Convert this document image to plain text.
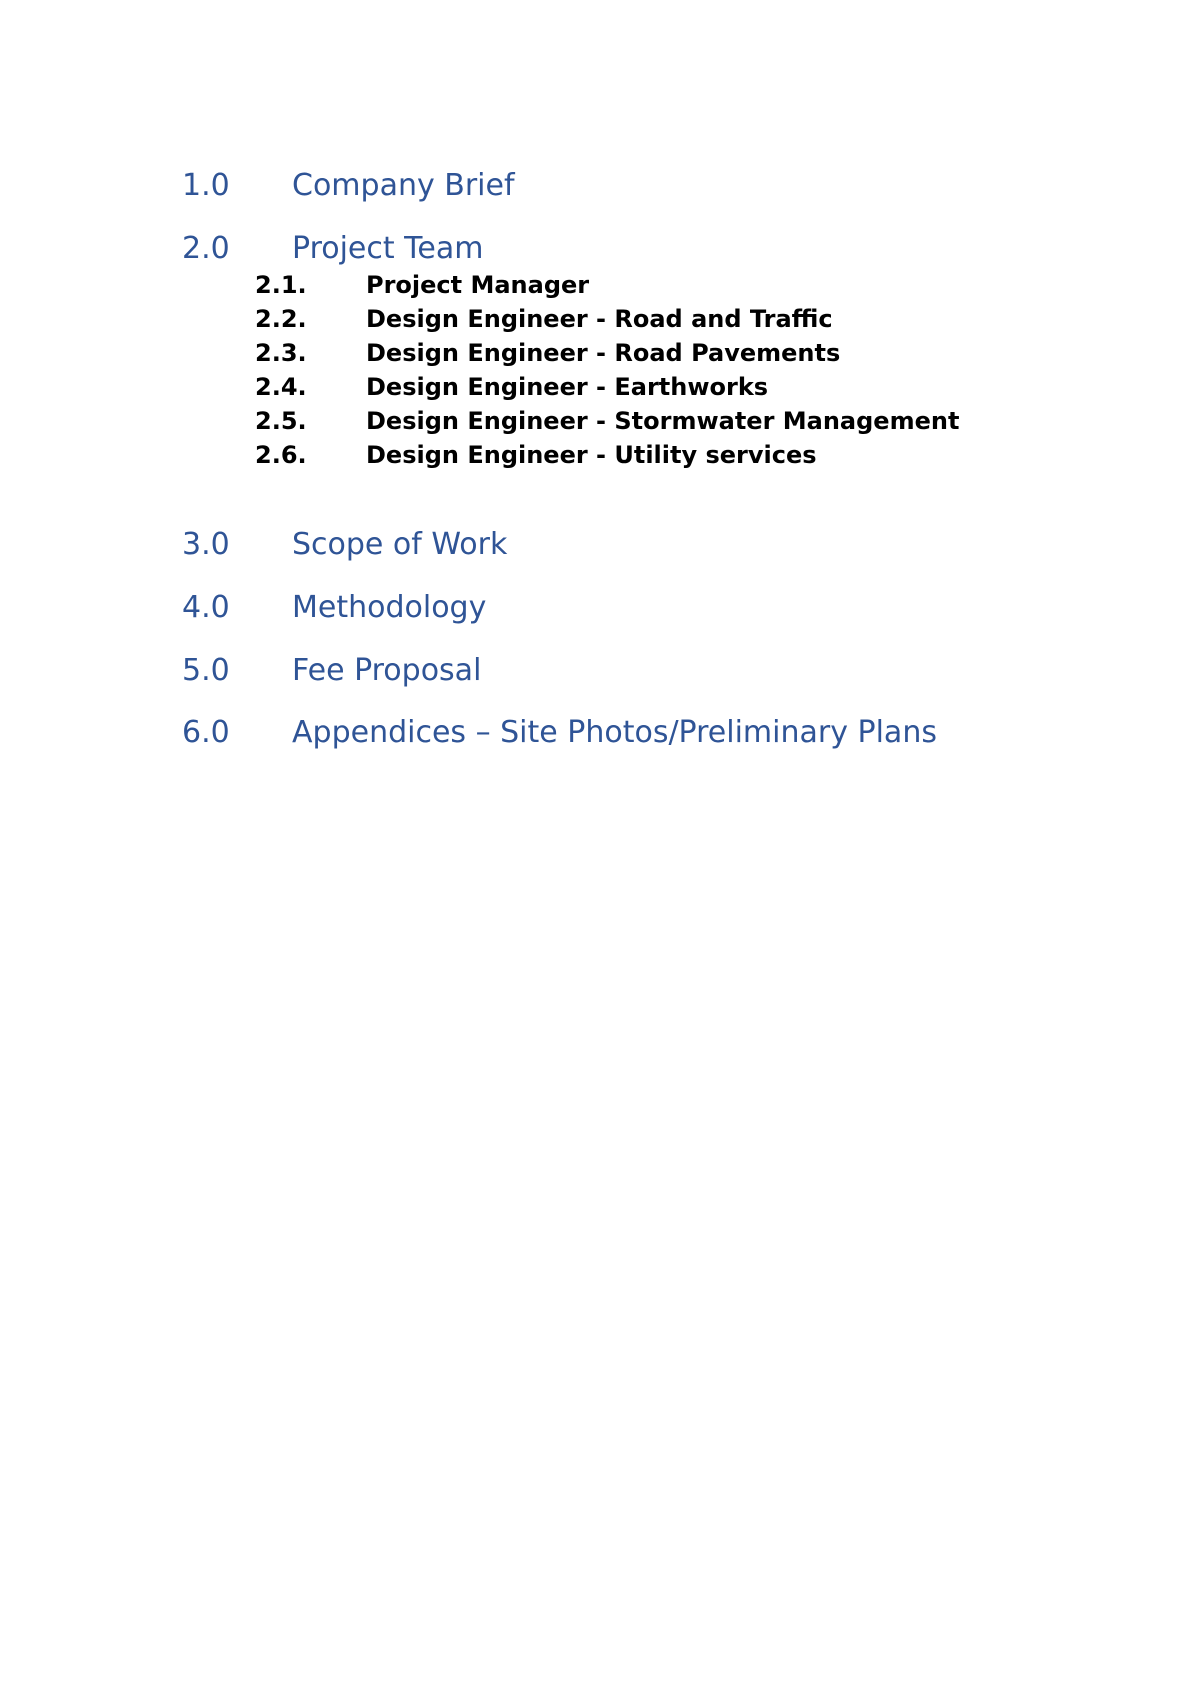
1.0 Company Brief
2.0 Project Team
2.1. Project Manager
2.2. Design Engineer - Road and Traffic
2.3. Design Engineer - Road Pavements
2.4. Design Engineer - Earthworks
2.5. Design Engineer - Stormwater Management
2.6. Design Engineer - Utility services
3.0 Scope of Work
4.0 Methodology
5.0 Fee Proposal
6.0 Appendices – Site Photos/Preliminary Plans
